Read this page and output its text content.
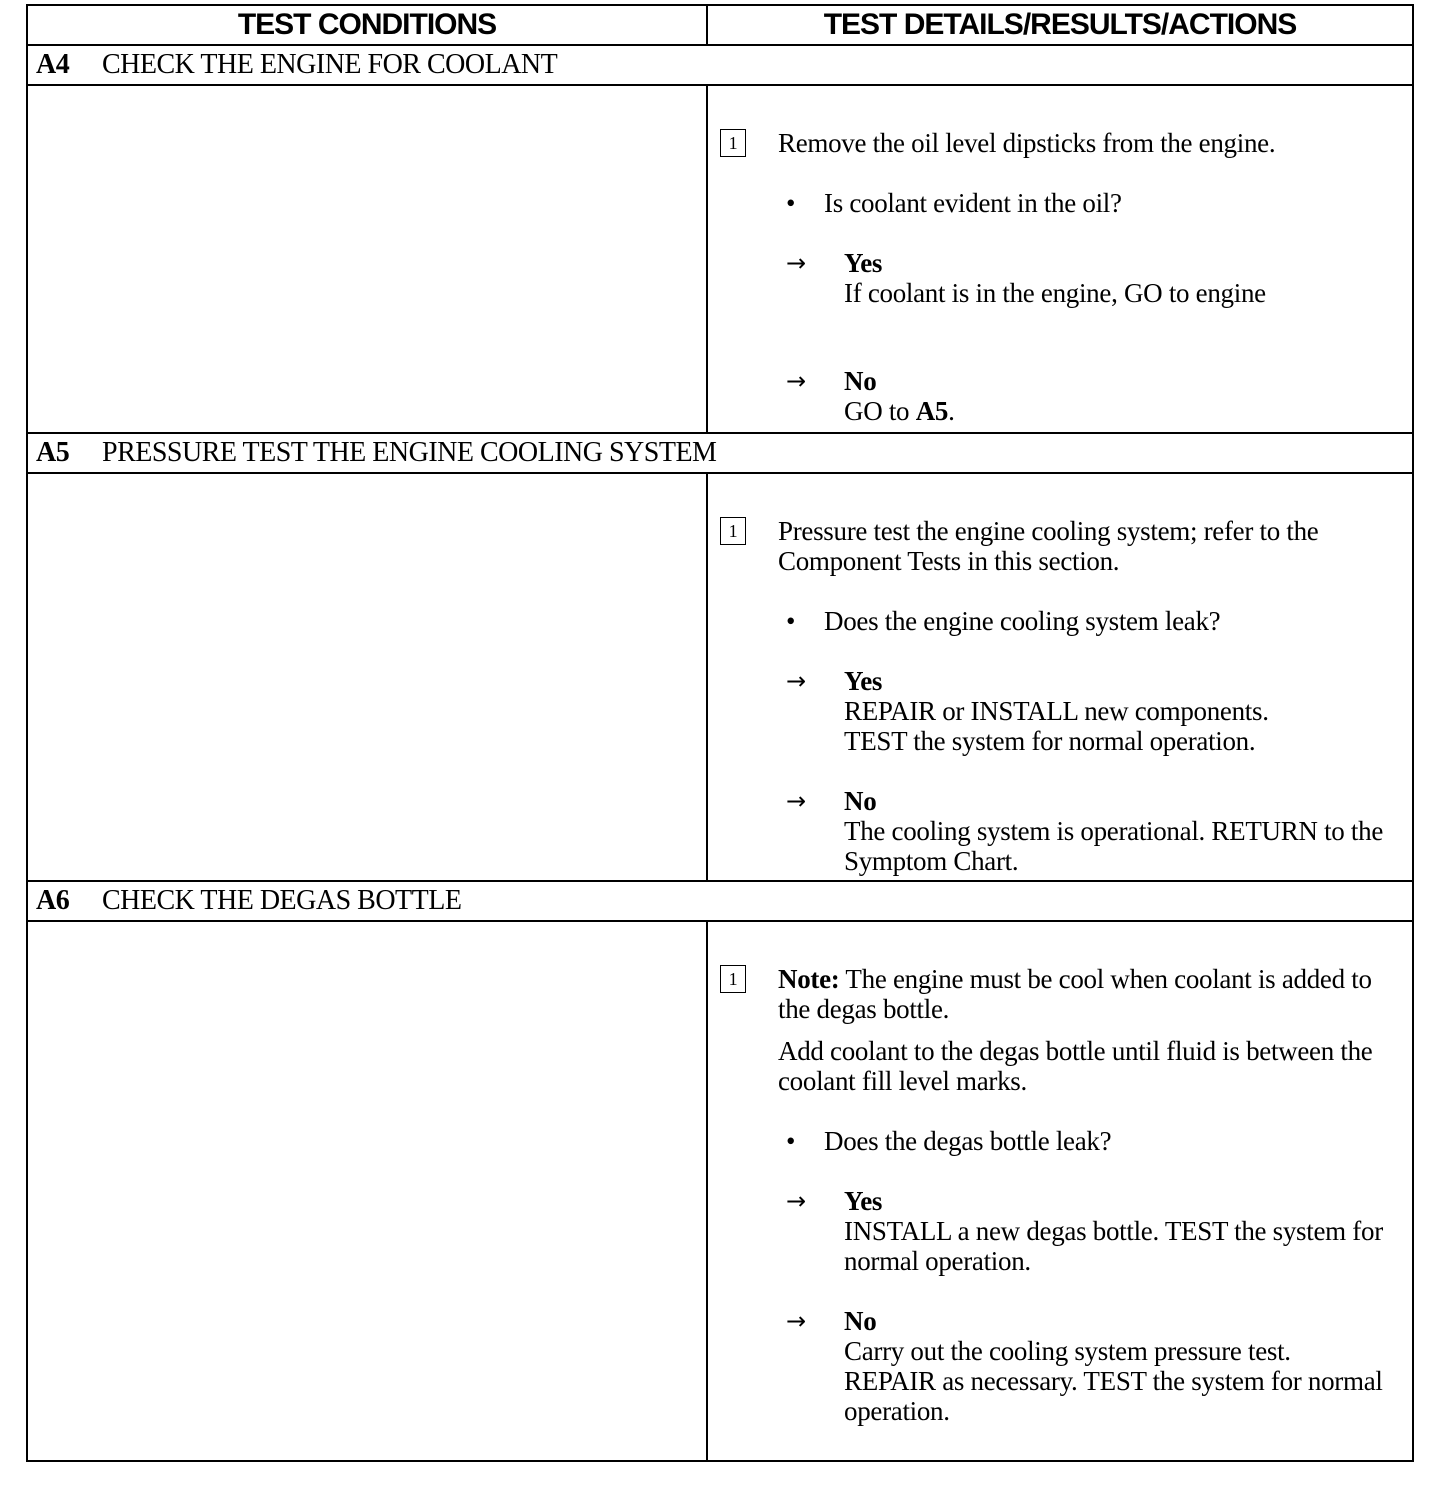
TEST CONDITIONS	TEST DETAILS/RESULTS/ACTIONS
A4	CHECK THE ENGINE FOR COOLANT
1	Remove the oil level dipsticks from the engine.

•	Is coolant evident in the oil?
→	Yes

If coolant is in the engine, GO to engine

→	No

GO to A5.

A5	PRESSURE TEST THE ENGINE COOLING SYSTEM
1	Pressure test the engine cooling system; refer to the Component Tests in this section.

•	Does the engine cooling system leak?
→	Yes

REPAIR or INSTALL new components.

TEST the system for normal operation.

→	No

The cooling system is operational. RETURN to the Symptom Chart.

A6	CHECK THE DEGAS BOTTLE
1	Note: The engine must be cool when coolant is added to the degas bottle.

Add coolant to the degas bottle until fluid is between the coolant fill level marks.

•	Does the degas bottle leak?
→	Yes

INSTALL a new degas bottle. TEST the system for normal operation.

→	No

Carry out the cooling system pressure test.

REPAIR as necessary. TEST the system for normal operation.
